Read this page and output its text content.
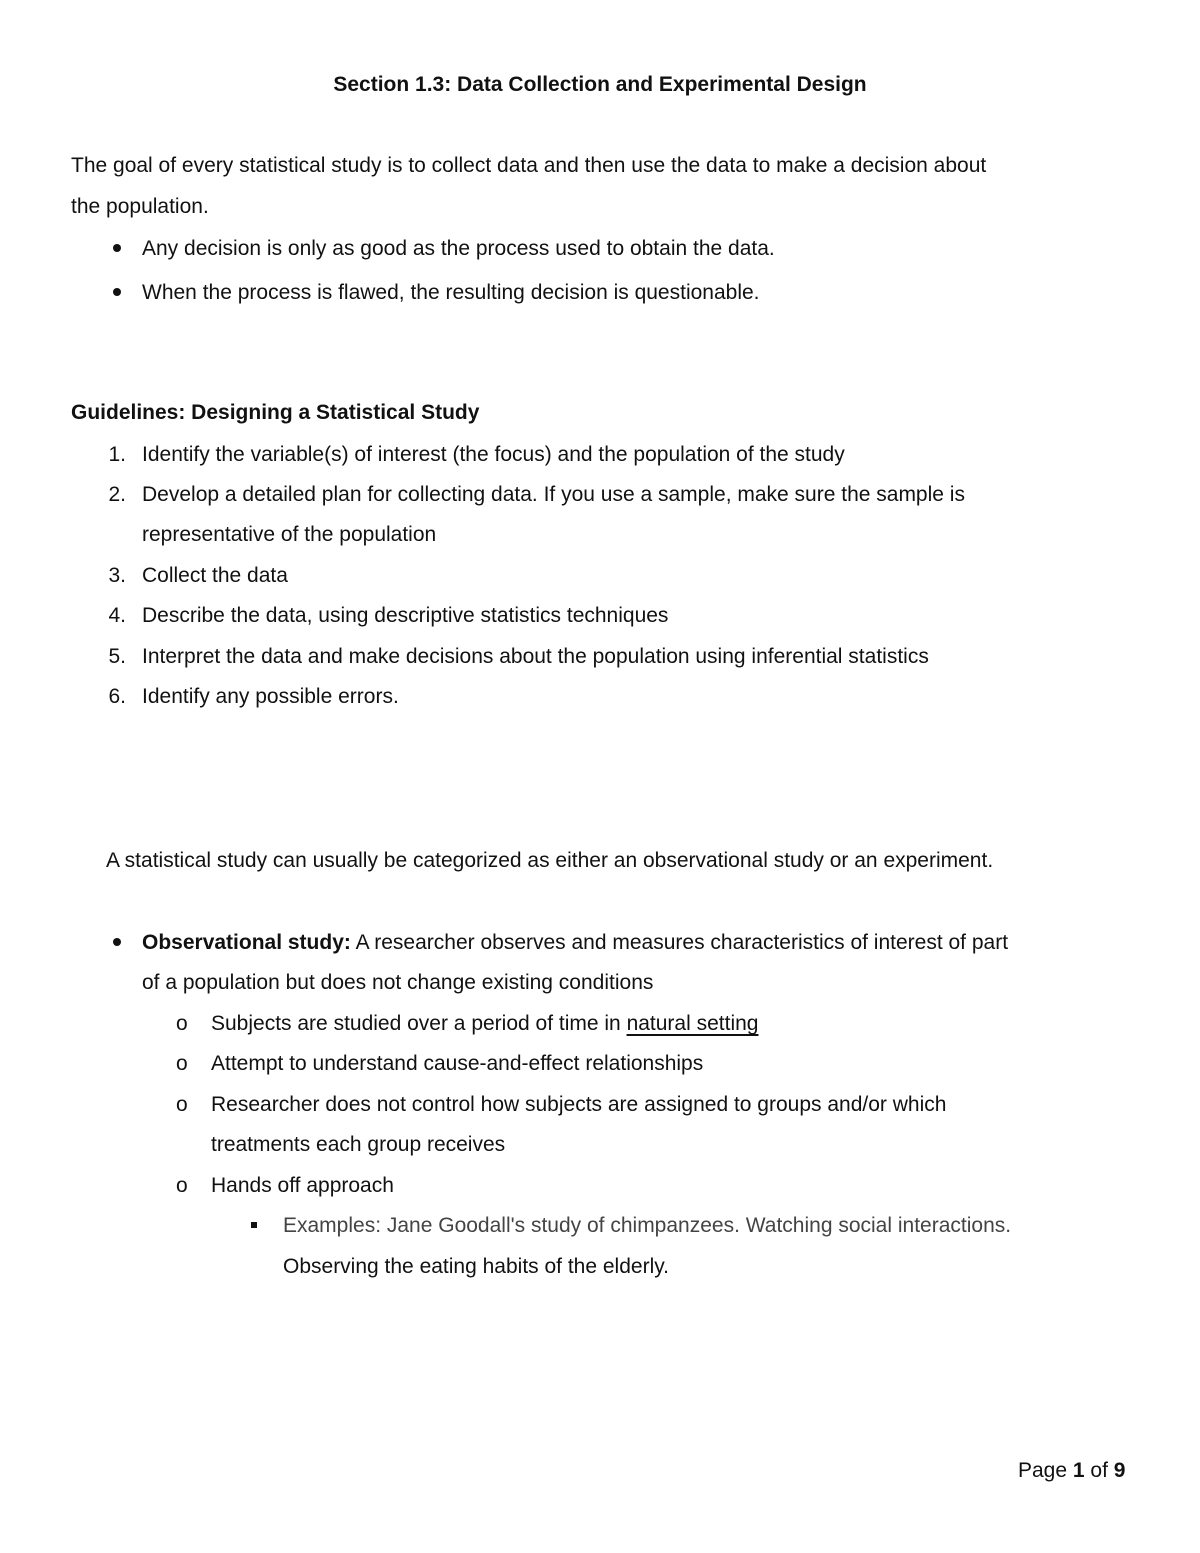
Section 1.3: Data Collection and Experimental Design
The goal of every statistical study is to collect data and then use the data to make a decision about
the population.
Any decision is only as good as the process used to obtain the data.
When the process is flawed, the resulting decision is questionable.
Guidelines: Designing a Statistical Study
1. Identify the variable(s) of interest (the focus) and the population of the study
2. Develop a detailed plan for collecting data. If you use a sample, make sure the sample is
representative of the population
3. Collect the data
4. Describe the data, using descriptive statistics techniques
5. Interpret the data and make decisions about the population using inferential statistics
6. Identify any possible errors.
A statistical study can usually be categorized as either an observational study or an experiment.
Observational study: A researcher observes and measures characteristics of interest of part
of a population but does not change existing conditions
o Subjects are studied over a period of time in natural setting
o Attempt to understand cause-and-effect relationships
o Researcher does not control how subjects are assigned to groups and/or which
treatments each group receives
o Hands off approach
Examples: Jane Goodall's study of chimpanzees. Watching social interactions.
Observing the eating habits of the elderly.
Page 1 of 9
